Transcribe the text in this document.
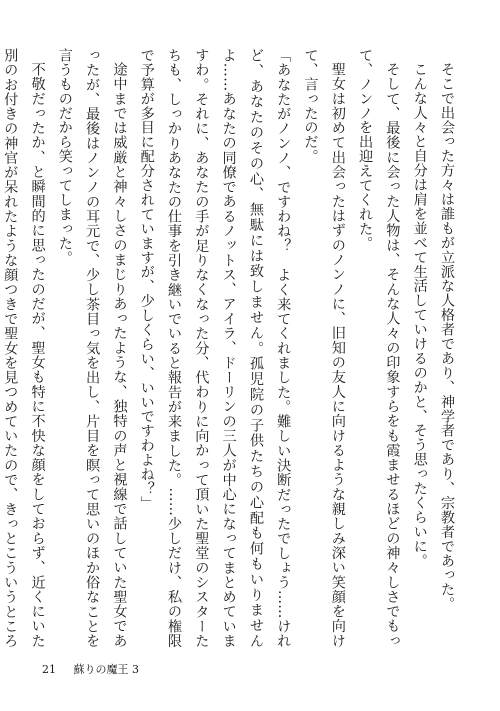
そこで出会った方々は誰もが立派な人格者であり、神学者であり、宗教者であった。

こんな人々と自分は肩を並べて生活していけるのかと、そう思ったくらいに。

そして、最後に会った人物は、そんな人々の印象すらをも霞ませるほどの神々しさでもって、ノンノを出迎えてくれた。

聖女は初めて出会ったはずのノンノに、旧知の友人に向けるような親しみ深い笑顔を向けて、言ったのだ。

「あなたがノンノ、ですわね？　よく来てくれました。難しい決断だったでしょう……けれど、あなたのその心、無駄には致しません。孤児院の子供たちの心配も何もいりませんよ……あなたの同僚であるノットス、アイラ、ドーリンの三人が中心になってまとめていますわ。それに、あなたの手が足りなくなった分、代わりに向かって頂いた聖堂のシスターたちも、しっかりあなたの仕事を引き継いでいると報告が来ました。……少しだけ、私の権限で予算が多目に配分されていますが、少しくらい、いいですわよね？」

途中までは威厳と神々しさのまじりあったような、独特の声と視線で話していた聖女であったが、最後はノンノの耳元で、少し茶目っ気を出し、片目を瞑って思いのほか俗なことを言うものだから笑ってしまった。

不敬だったか、と瞬間的に思ったのだが、聖女も特に不快な顔をしておらず、近くにいた別のお付きの神官が呆れたような顔つきで聖女を見つめていたので、きっとこういうところ

21 蘇りの魔王 3
